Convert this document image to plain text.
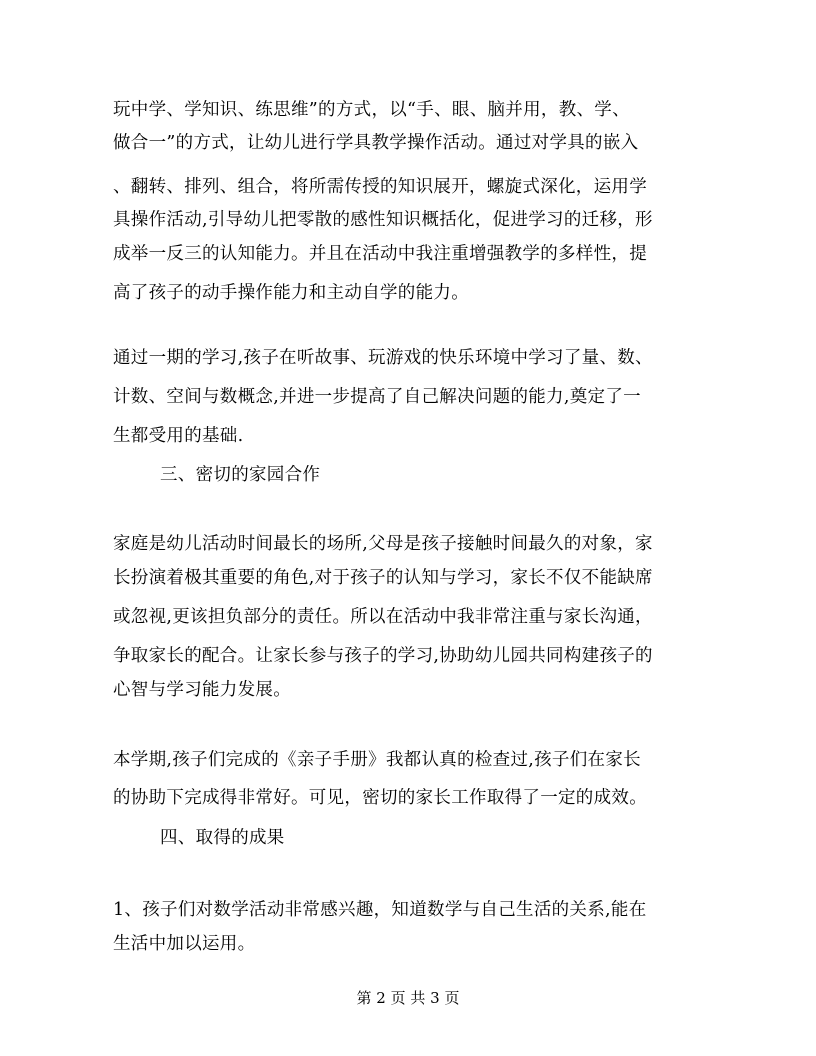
玩中学、学知识、练思维”的方式，以“手、眼、脑并用，教、学、
做合一”的方式，让幼儿进行学具教学操作活动。通过对学具的嵌入
、翻转、排列、组合，将所需传授的知识展开，螺旋式深化，运用学
具操作活动,引导幼儿把零散的感性知识概括化，促进学习的迁移，形
成举一反三的认知能力。并且在活动中我注重增强教学的多样性，提
高了孩子的动手操作能力和主动自学的能力。
通过一期的学习,孩子在听故事、玩游戏的快乐环境中学习了量、数、
计数、空间与数概念,并进一步提高了自己解决问题的能力,奠定了一
生都受用的基础.
三、密切的家园合作
家庭是幼儿活动时间最长的场所,父母是孩子接触时间最久的对象，家
长扮演着极其重要的角色,对于孩子的认知与学习，家长不仅不能缺席
或忽视,更该担负部分的责任。所以在活动中我非常注重与家长沟通，
争取家长的配合。让家长参与孩子的学习,协助幼儿园共同构建孩子的
心智与学习能力发展。
本学期,孩子们完成的《亲子手册》我都认真的检查过,孩子们在家长
的协助下完成得非常好。可见，密切的家长工作取得了一定的成效。
四、取得的成果
1、孩子们对数学活动非常感兴趣，知道数学与自己生活的关系,能在
生活中加以运用。
第 2 页 共 3 页
